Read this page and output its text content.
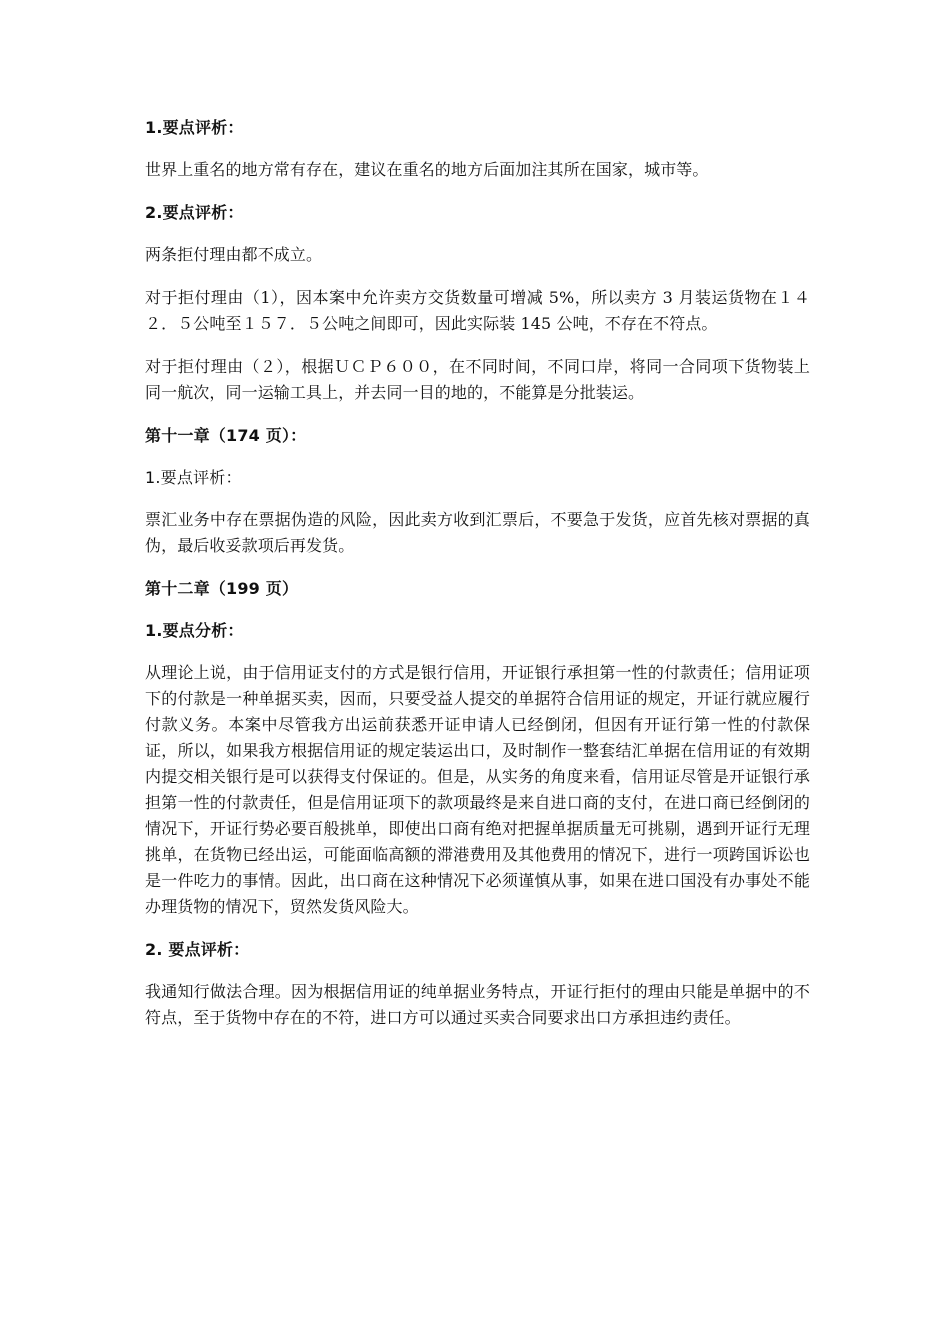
1.要点评析：
世界上重名的地方常有存在，建议在重名的地方后面加注其所在国家，城市等。
2.要点评析：
两条拒付理由都不成立。
对于拒付理由（1），因本案中允许卖方交货数量可增减 5%，所以卖方 3 月装运货物在１４２．５公吨至１５７．５公吨之间即可，因此实际装 145 公吨，不存在不符点。
对于拒付理由（２），根据ＵＣＰ６００，在不同时间，不同口岸，将同一合同项下货物装上同一航次，同一运输工具上，并去同一目的地的，不能算是分批装运。
第十一章（174 页）：
1.要点评析：
票汇业务中存在票据伪造的风险，因此卖方收到汇票后，不要急于发货，应首先核对票据的真伪，最后收妥款项后再发货。
第十二章（199 页）
1.要点分析：
从理论上说，由于信用证支付的方式是银行信用，开证银行承担第一性的付款责任；信用证项下的付款是一种单据买卖，因而，只要受益人提交的单据符合信用证的规定，开证行就应履行付款义务。本案中尽管我方出运前获悉开证申请人已经倒闭，但因有开证行第一性的付款保证，所以，如果我方根据信用证的规定装运出口，及时制作一整套结汇单据在信用证的有效期内提交相关银行是可以获得支付保证的。但是，从实务的角度来看，信用证尽管是开证银行承担第一性的付款责任，但是信用证项下的款项最终是来自进口商的支付，在进口商已经倒闭的情况下，开证行势必要百般挑单，即使出口商有绝对把握单据质量无可挑剔，遇到开证行无理挑单，在货物已经出运，可能面临高额的滞港费用及其他费用的情况下，进行一项跨国诉讼也是一件吃力的事情。因此，出口商在这种情况下必须谨慎从事，如果在进口国没有办事处不能办理货物的情况下，贸然发货风险大。
2. 要点评析：
我通知行做法合理。因为根据信用证的纯单据业务特点，开证行拒付的理由只能是单据中的不符点，至于货物中存在的不符，进口方可以通过买卖合同要求出口方承担违约责任。
